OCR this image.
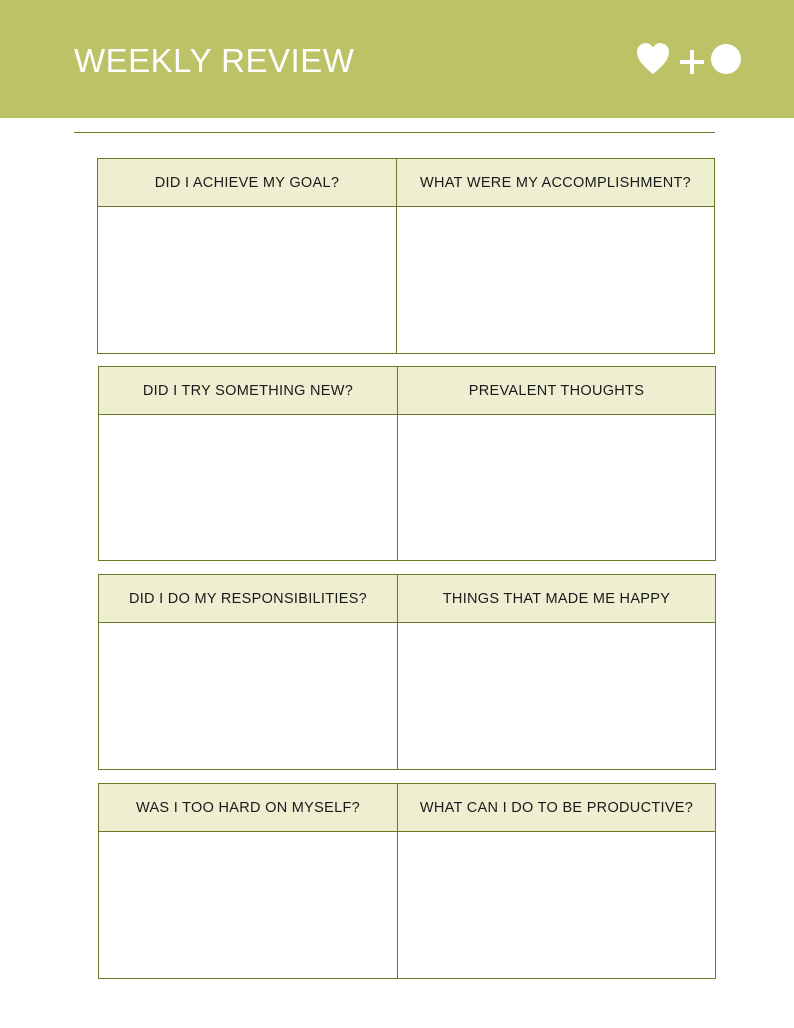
WEEKLY REVIEW
DID I ACHIEVE MY GOAL?	WHAT WERE MY ACCOMPLISHMENT?
DID I TRY SOMETHING NEW?	PREVALENT THOUGHTS
DID I DO MY RESPONSIBILITIES?	THINGS THAT MADE ME HAPPY
WAS I TOO HARD ON MYSELF?	WHAT CAN I DO TO BE PRODUCTIVE?
